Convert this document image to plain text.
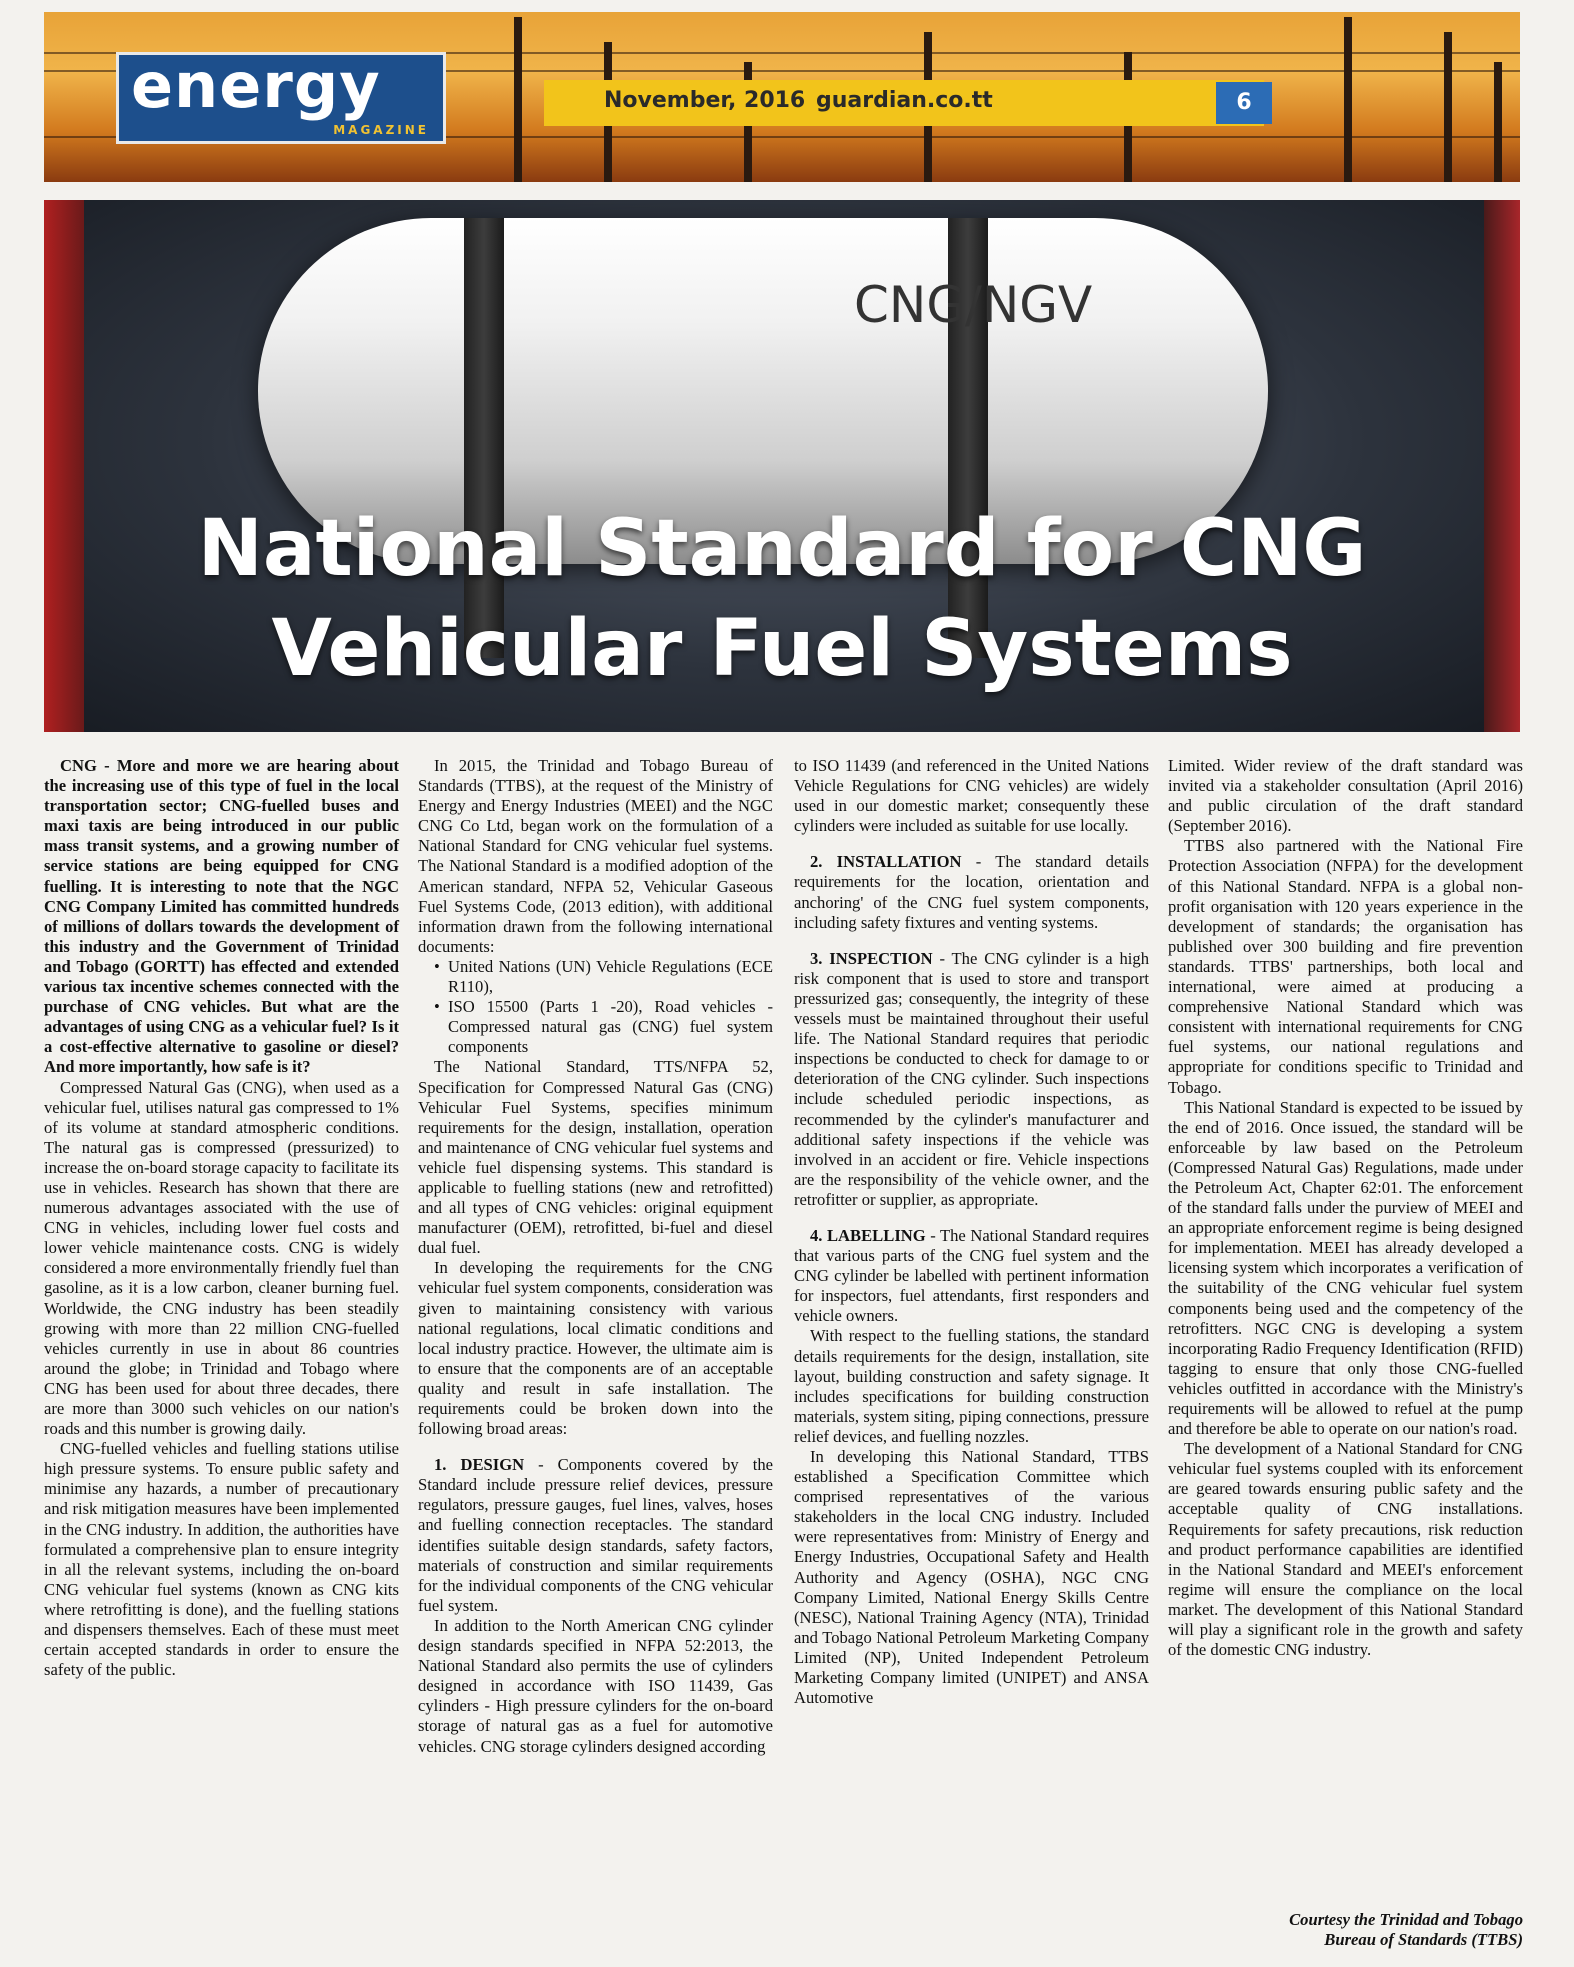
energy
MAGAZINE
November, 2016 guardian.co.tt	6
CNG/NGV
National Standard for CNG
Vehicular Fuel Systems

CNG - More and more we are hearing about the increasing use of this type of fuel in the local transportation sector; CNG-fuelled buses and maxi taxis are being introduced in our public mass transit systems, and a growing number of service stations are being equipped for CNG fuelling. It is interesting to note that the NGC CNG Company Limited has committed hundreds of millions of dollars towards the development of this industry and the Government of Trinidad and Tobago (GORTT) has effected and extended various tax incentive schemes connected with the purchase of CNG vehicles. But what are the advantages of using CNG as a vehicular fuel? Is it a cost-effective alternative to gasoline or diesel? And more importantly, how safe is it?

Compressed Natural Gas (CNG), when used as a vehicular fuel, utilises natural gas compressed to 1% of its volume at standard atmospheric conditions. The natural gas is compressed (pressurized) to increase the on-board storage capacity to facilitate its use in vehicles. Research has shown that there are numerous advantages associated with the use of CNG in vehicles, including lower fuel costs and lower vehicle maintenance costs. CNG is widely considered a more environmentally friendly fuel than gasoline, as it is a low carbon, cleaner burning fuel. Worldwide, the CNG industry has been steadily growing with more than 22 million CNG-fuelled vehicles currently in use in about 86 countries around the globe; in Trinidad and Tobago where CNG has been used for about three decades, there are more than 3000 such vehicles on our nation's roads and this number is growing daily.

CNG-fuelled vehicles and fuelling stations utilise high pressure systems. To ensure public safety and minimise any hazards, a number of precautionary and risk mitigation measures have been implemented in the CNG industry. In addition, the authorities have formulated a comprehensive plan to ensure integrity in all the relevant systems, including the on-board CNG vehicular fuel systems (known as CNG kits where retrofitting is done), and the fuelling stations and dispensers themselves. Each of these must meet certain accepted standards in order to ensure the safety of the public.

In 2015, the Trinidad and Tobago Bureau of Standards (TTBS), at the request of the Ministry of Energy and Energy Industries (MEEI) and the NGC CNG Co Ltd, began work on the formulation of a National Standard for CNG vehicular fuel systems. The National Standard is a modified adoption of the American standard, NFPA 52, Vehicular Gaseous Fuel Systems Code, (2013 edition), with additional information drawn from the following international documents:

• United Nations (UN) Vehicle Regulations (ECE R110),
• ISO 15500 (Parts 1 -20), Road vehicles - Compressed natural gas (CNG) fuel system components

The National Standard, TTS/NFPA 52, Specification for Compressed Natural Gas (CNG) Vehicular Fuel Systems, specifies minimum requirements for the design, installation, operation and maintenance of CNG vehicular fuel systems and vehicle fuel dispensing systems. This standard is applicable to fuelling stations (new and retrofitted) and all types of CNG vehicles: original equipment manufacturer (OEM), retrofitted, bi-fuel and diesel dual fuel.

In developing the requirements for the CNG vehicular fuel system components, consideration was given to maintaining consistency with various national regulations, local climatic conditions and local industry practice. However, the ultimate aim is to ensure that the components are of an acceptable quality and result in safe installation. The requirements could be broken down into the following broad areas:

1. DESIGN - Components covered by the Standard include pressure relief devices, pressure regulators, pressure gauges, fuel lines, valves, hoses and fuelling connection receptacles. The standard identifies suitable design standards, safety factors, materials of construction and similar requirements for the individual components of the CNG vehicular fuel system.

In addition to the North American CNG cylinder design standards specified in NFPA 52:2013, the National Standard also permits the use of cylinders designed in accordance with ISO 11439, Gas cylinders - High pressure cylinders for the on-board storage of natural gas as a fuel for automotive vehicles. CNG storage cylinders designed according

to ISO 11439 (and referenced in the United Nations Vehicle Regulations for CNG vehicles) are widely used in our domestic market; consequently these cylinders were included as suitable for use locally.

2. INSTALLATION - The standard details requirements for the location, orientation and anchoring' of the CNG fuel system components, including safety fixtures and venting systems.

3. INSPECTION - The CNG cylinder is a high risk component that is used to store and transport pressurized gas; consequently, the integrity of these vessels must be maintained throughout their useful life. The National Standard requires that periodic inspections be conducted to check for damage to or deterioration of the CNG cylinder. Such inspections include scheduled periodic inspections, as recommended by the cylinder's manufacturer and additional safety inspections if the vehicle was involved in an accident or fire. Vehicle inspections are the responsibility of the vehicle owner, and the retrofitter or supplier, as appropriate.

4. LABELLING - The National Standard requires that various parts of the CNG fuel system and the CNG cylinder be labelled with pertinent information for inspectors, fuel attendants, first responders and vehicle owners.

With respect to the fuelling stations, the standard details requirements for the design, installation, site layout, building construction and safety signage. It includes specifications for building construction materials, system siting, piping connections, pressure relief devices, and fuelling nozzles.

In developing this National Standard, TTBS established a Specification Committee which comprised representatives of the various stakeholders in the local CNG industry. Included were representatives from: Ministry of Energy and Energy Industries, Occupational Safety and Health Authority and Agency (OSHA), NGC CNG Company Limited, National Energy Skills Centre (NESC), National Training Agency (NTA), Trinidad and Tobago National Petroleum Marketing Company Limited (NP), United Independent Petroleum Marketing Company limited (UNIPET) and ANSA Automotive

Limited. Wider review of the draft standard was invited via a stakeholder consultation (April 2016) and public circulation of the draft standard (September 2016).

TTBS also partnered with the National Fire Protection Association (NFPA) for the development of this National Standard. NFPA is a global non-profit organisation with 120 years experience in the development of standards; the organisation has published over 300 building and fire prevention standards. TTBS' partnerships, both local and international, were aimed at producing a comprehensive National Standard which was consistent with international requirements for CNG fuel systems, our national regulations and appropriate for conditions specific to Trinidad and Tobago.

This National Standard is expected to be issued by the end of 2016. Once issued, the standard will be enforceable by law based on the Petroleum (Compressed Natural Gas) Regulations, made under the Petroleum Act, Chapter 62:01. The enforcement of the standard falls under the purview of MEEI and an appropriate enforcement regime is being designed for implementation. MEEI has already developed a licensing system which incorporates a verification of the suitability of the CNG vehicular fuel system components being used and the competency of the retrofitters. NGC CNG is developing a system incorporating Radio Frequency Identification (RFID) tagging to ensure that only those CNG-fuelled vehicles outfitted in accordance with the Ministry's requirements will be allowed to refuel at the pump and therefore be able to operate on our nation's road.

The development of a National Standard for CNG vehicular fuel systems coupled with its enforcement are geared towards ensuring public safety and the acceptable quality of CNG installations. Requirements for safety precautions, risk reduction and product performance capabilities are identified in the National Standard and MEEI's enforcement regime will ensure the compliance on the local market. The development of this National Standard will play a significant role in the growth and safety of the domestic CNG industry.

Courtesy the Trinidad and Tobago
Bureau of Standards (TTBS)
